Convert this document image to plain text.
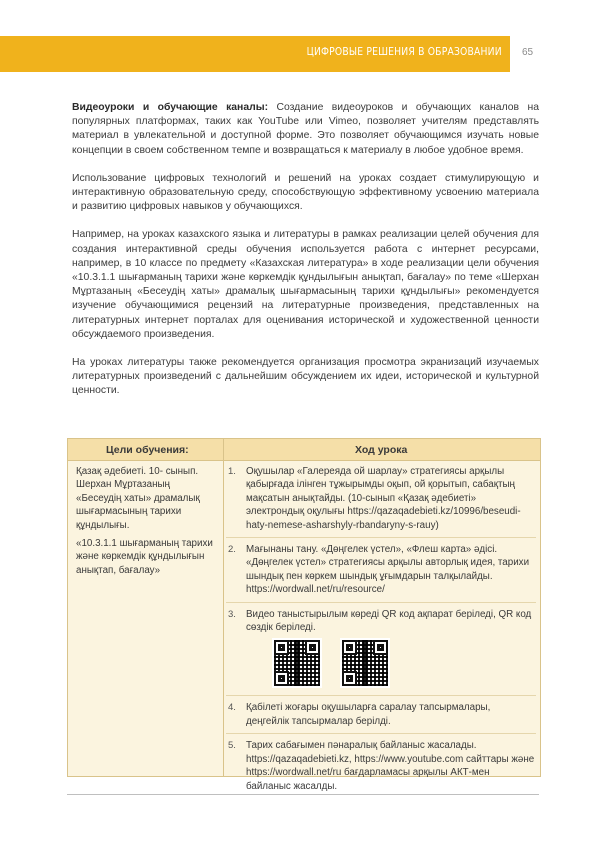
ЦИФРОВЫЕ РЕШЕНИЯ В ОБРАЗОВАНИИ 65

Видеоуроки и обучающие каналы: Создание видеоуроков и обучающих каналов на популярных платформах, таких как YouTube или Vimeo, позволяет учителям представлять материал в увлекательной и доступной форме. Это позволяет обучающимся изучать новые концепции в своем собственном темпе и возвращаться к материалу в любое удобное время.

Использование цифровых технологий и решений на уроках создает стимулирующую и интерактивную образовательную среду, способствующую эффективному усвоению материала и развитию цифровых навыков у обучающихся.

Например, на уроках казахского языка и литературы в рамках реализации целей обучения для создания интерактивной среды обучения используется работа с интернет ресурсами, например, в 10 классе по предмету «Казахская литература» в ходе реализации цели обучения «10.3.1.1 шығарманың тарихи және көркемдік құндылығын анықтап, бағалау» по теме «Шерхан Мұртазаның «Бесеудің хаты» драмалық шығармасының тарихи құндылығы» рекомендуется изучение обучающимися рецензий на литературные произведения, представленных на литературных интернет порталах для оценивания исторической и художественной ценности обсуждаемого произведения.

На уроках литературы также рекомендуется организация просмотра экранизаций изучаемых литературных произведений с дальнейшим обсуждением их идеи, исторической и культурной ценности.

Цели обучения:	Ход урока
Қазақ әдебиеті. 10- сынып. Шерхан Мұртазаның «Бесеудің хаты» драмалық шығармасының тарихи құндылығы.
«10.3.1.1 шығарманың тарихи және көркемдік құндылығын анықтап, бағалау»
1. Оқушылар «Галереяда ой шарлау» стратегиясы арқылы қабырғада ілінген тұжырымды оқып, ой қорытып, сабақтың мақсатын анықтайды. (10-сынып «Қазақ әдебиеті» электрондық оқулығы https://qazaqadebieti.kz/10996/beseudi-haty-nemese-asharshyly-rbandaryny-s-rauy)
2. Мағынаны тану. «Дөңгелек үстел», «Флеш карта» әдісі. «Дөңгелек үстел» стратегиясы арқылы авторлық идея, тарихи шындық пен көркем шындық ұғымдарын талқылайды. https://wordwall.net/ru/resource/
3. Видео таныстырылым көреді QR код ақпарат беріледі, QR код сөздік беріледі.
4. Қабілеті жоғары оқушыларға саралау тапсырмалары, деңгейлік тапсырмалар берілді.
5. Тарих сабағымен пәнаралық байланыс жасалады. https://qazaqadebieti.kz, https://www.youtube.com сайттары және https://wordwall.net/ru бағдарламасы арқылы АКТ-мен байланыс жасалды.
